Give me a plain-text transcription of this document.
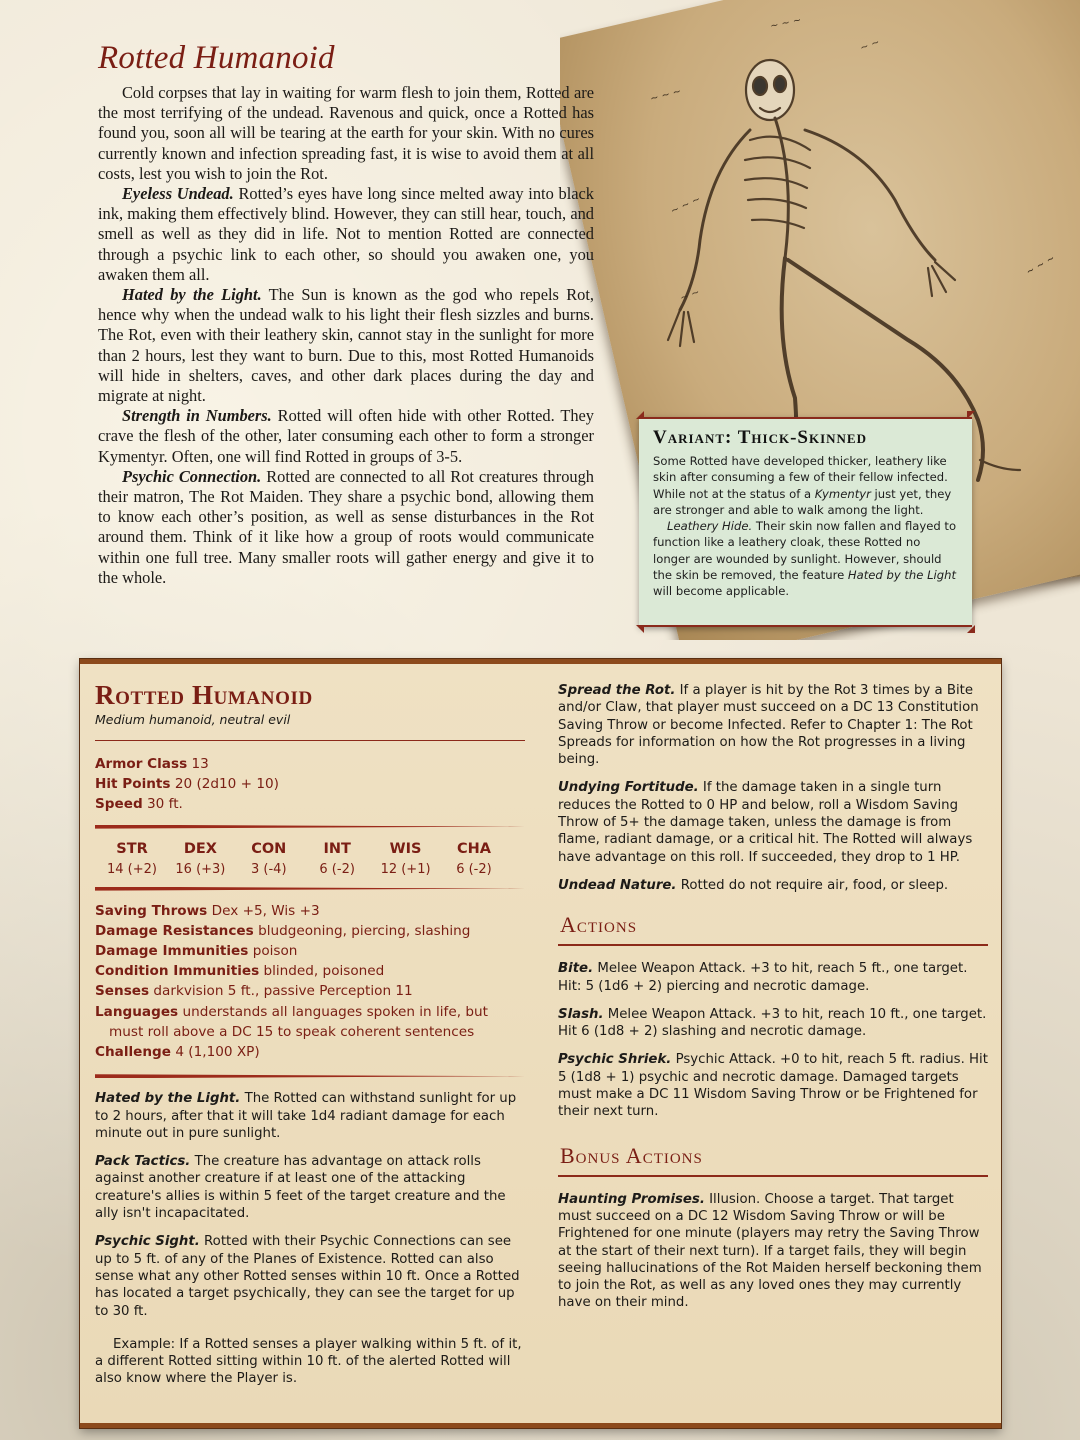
~ ~ ~
~ ~ ~
~ ~
~ ~ ~
~ ~ ~
~ ~
Rotted Humanoid

Cold corpses that lay in waiting for warm flesh to join them, Rotted are the most terrifying of the undead. Ravenous and quick, once a Rotted has found you, soon all will be tearing at the earth for your skin. With no cures currently known and infection spreading fast, it is wise to avoid them at all costs, lest you wish to join the Rot.

Eyeless Undead. Rotted’s eyes have long since melted away into black ink, making them effectively blind. However, they can still hear, touch, and smell as well as they did in life. Not to mention Rotted are connected through a psychic link to each other, so should you awaken one, you awaken them all.

Hated by the Light. The Sun is known as the god who repels Rot, hence why when the undead walk to his light their flesh sizzles and burns. The Rot, even with their leathery skin, cannot stay in the sunlight for more than 2 hours, lest they want to burn. Due to this, most Rotted Humanoids will hide in shelters, caves, and other dark places during the day and migrate at night.

Strength in Numbers. Rotted will often hide with other Rotted. They crave the flesh of the other, later consuming each other to form a stronger Kymentyr. Often, one will find Rotted in groups of 3-5.

Psychic Connection. Rotted are connected to all Rot creatures through their matron, The Rot Maiden. They share a psychic bond, allowing them to know each other’s position, as well as sense disturbances in the Rot around them. Think of it like how a group of roots would communicate within one full tree. Many smaller roots will gather energy and give it to the whole.

Variant: Thick-Skinned

Some Rotted have developed thicker, leathery like skin after consuming a few of their fellow infected. While not at the status of a Kymentyr just yet, they are stronger and able to walk among the light.

Leathery Hide. Their skin now fallen and flayed to function like a leathery cloak, these Rotted no longer are wounded by sunlight. However, should the skin be removed, the feature Hated by the Light will become applicable.

Rotted Humanoid
Medium humanoid, neutral evil
Armor Class 13
Hit Points 20 (2d10 + 10)
Speed 30 ft.
STR
14 (+2)
DEX
16 (+3)
CON
3 (-4)
INT
6 (-2)
WIS
12 (+1)
CHA
6 (-2)
Saving Throws Dex +5, Wis +3
Damage Resistances bludgeoning, piercing, slashing
Damage Immunities poison
Condition Immunities blinded, poisoned
Senses darkvision 5 ft., passive Perception 11
Languages understands all languages spoken in life, but must roll above a DC 15 to speak coherent sentences
Challenge 4 (1,100 XP)

Hated by the Light. The Rotted can withstand sunlight for up to 2 hours, after that it will take 1d4 radiant damage for each minute out in pure sunlight.

Pack Tactics. The creature has advantage on attack rolls against another creature if at least one of the attacking creature's allies is within 5 feet of the target creature and the ally isn't incapacitated.

Psychic Sight. Rotted with their Psychic Connections can see up to 5 ft. of any of the Planes of Existence. Rotted can also sense what any other Rotted senses within 10 ft. Once a Rotted has located a target psychically, they can see the target for up to 30 ft.

Example: If a Rotted senses a player walking within 5 ft. of it, a different Rotted sitting within 10 ft. of the alerted Rotted will also know where the Player is.

Spread the Rot. If a player is hit by the Rot 3 times by a Bite and/or Claw, that player must succeed on a DC 13 Constitution Saving Throw or become Infected. Refer to Chapter 1: The Rot Spreads for information on how the Rot progresses in a living being.

Undying Fortitude. If the damage taken in a single turn reduces the Rotted to 0 HP and below, roll a Wisdom Saving Throw of 5+ the damage taken, unless the damage is from flame, radiant damage, or a critical hit. The Rotted will always have advantage on this roll. If succeeded, they drop to 1 HP.

Undead Nature. Rotted do not require air, food, or sleep.

Actions

Bite. Melee Weapon Attack. +3 to hit, reach 5 ft., one target. Hit: 5 (1d6 + 2) piercing and necrotic damage.

Slash. Melee Weapon Attack. +3 to hit, reach 10 ft., one target. Hit 6 (1d8 + 2) slashing and necrotic damage.

Psychic Shriek. Psychic Attack. +0 to hit, reach 5 ft. radius. Hit 5 (1d8 + 1) psychic and necrotic damage. Damaged targets must make a DC 11 Wisdom Saving Throw or be Frightened for their next turn.

Bonus Actions

Haunting Promises. Illusion. Choose a target. That target must succeed on a DC 12 Wisdom Saving Throw or will be Frightened for one minute (players may retry the Saving Throw at the start of their next turn). If a target fails, they will begin seeing hallucinations of the Rot Maiden herself beckoning them to join the Rot, as well as any loved ones they may currently have on their mind.
